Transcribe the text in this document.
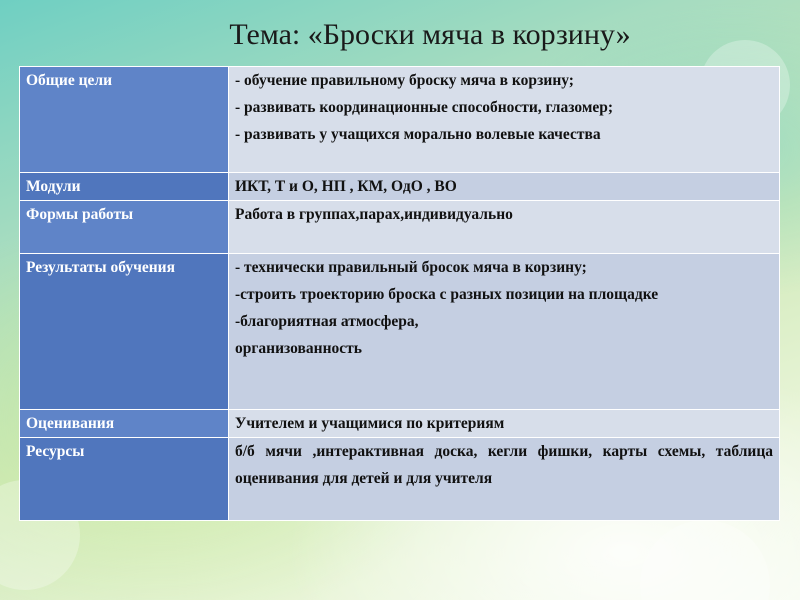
Тема: «Броски мяча в корзину»
Общие цели	- обучение правильному броску мяча в корзину;
- развивать координационные способности, глазомер;
- развивать у учащихся морально волевые качества

Модули	ИКТ, Т и О, НП , КМ, ОдО , ВО

Формы работы	Работа в группах,парах,индивидуально

Результаты обучения	- технически правильный бросок мяча в корзину;
-строить троекторию броска с разных позиции на площадке
-благориятная атмосфера,
организованность

Оценивания	Учителем и учащимися по критериям

Ресурсы	б/б мячи ,интерактивная доска, кегли фишки, карты схемы, таблица оценивания для детей и для учителя
